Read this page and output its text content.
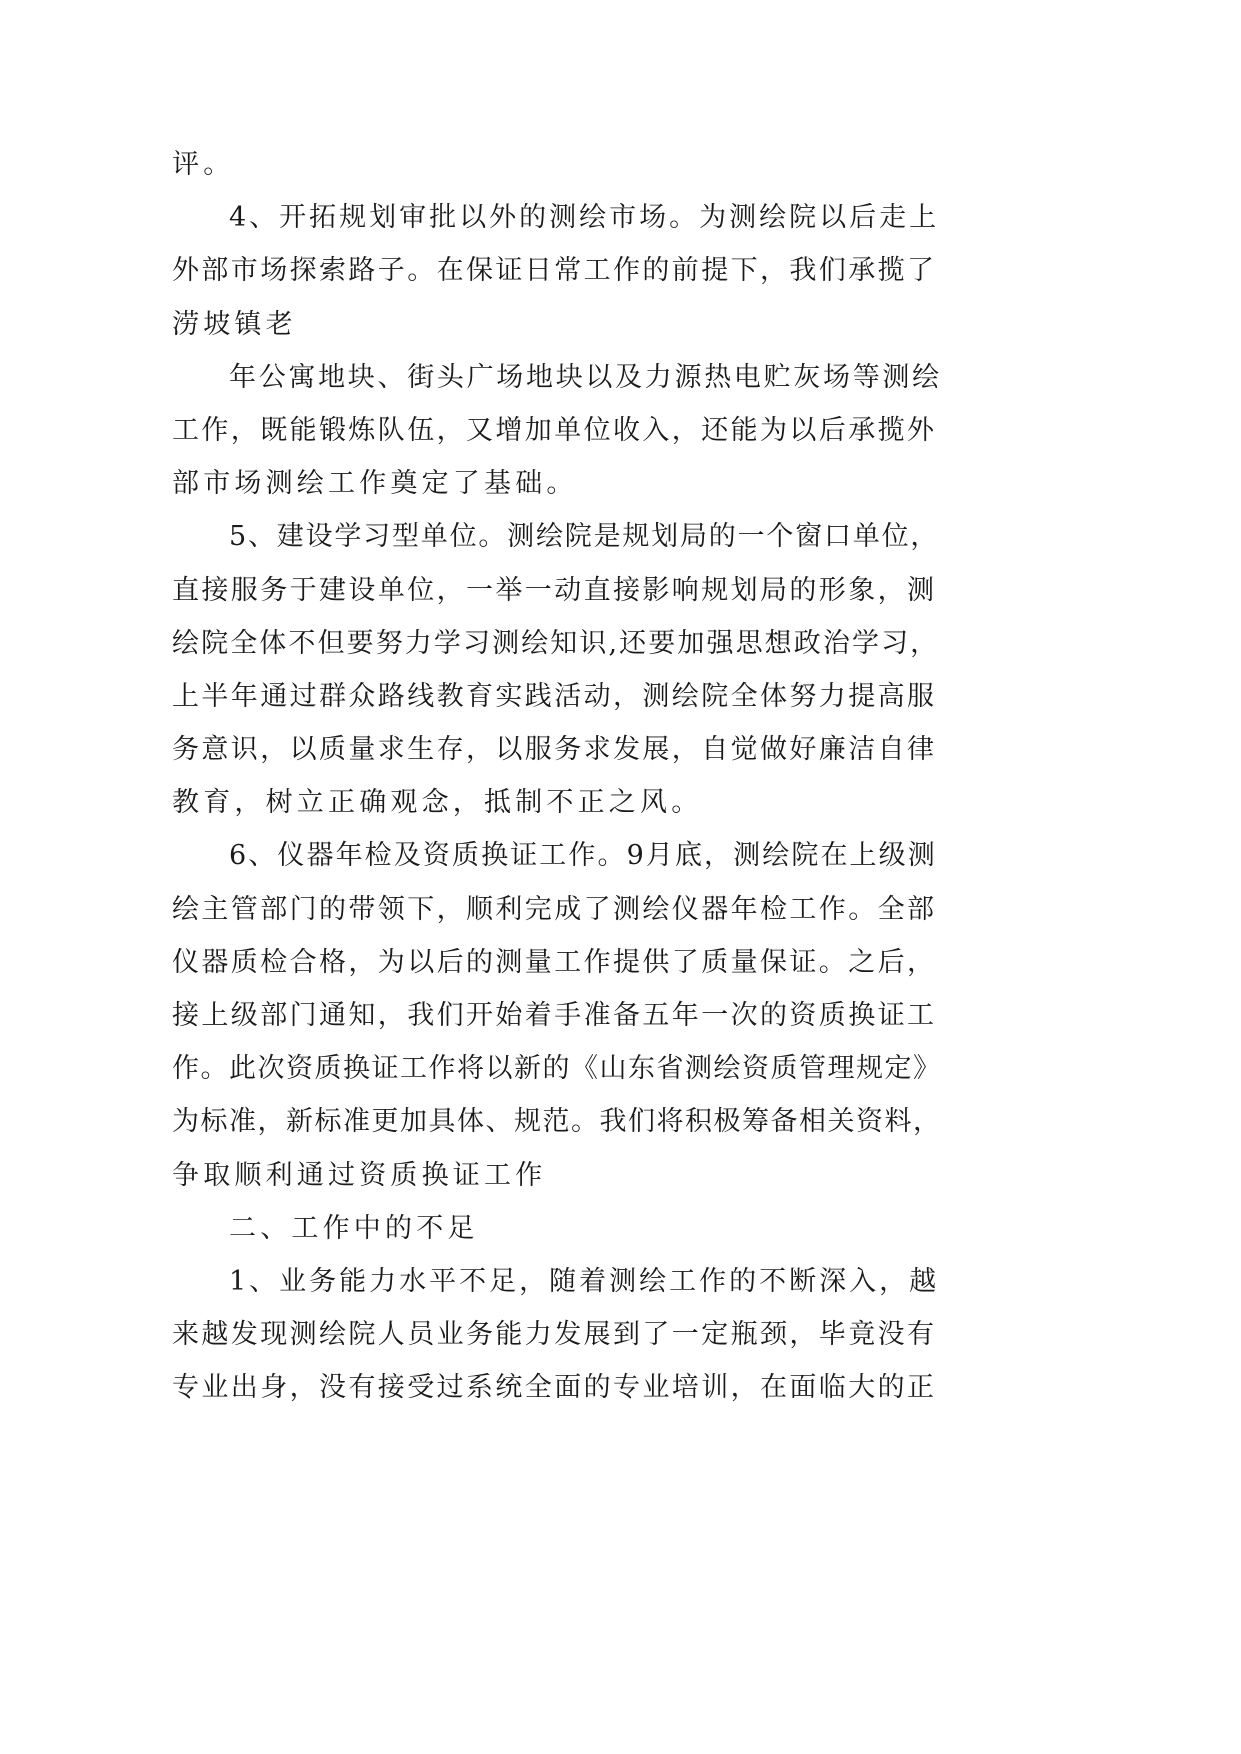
评。
4、开拓规划审批以外的测绘市场。为测绘院以后走上
外部市场探索路子。在保证日常工作的前提下，我们承揽了
涝坡镇老
年公寓地块、街头广场地块以及力源热电贮灰场等测绘
工作，既能锻炼队伍，又增加单位收入，还能为以后承揽外
部市场测绘工作奠定了基础。
5、建设学习型单位。测绘院是规划局的一个窗口单位，
直接服务于建设单位，一举一动直接影响规划局的形象，测
绘院全体不但要努力学习测绘知识,还要加强思想政治学习，
上半年通过群众路线教育实践活动，测绘院全体努力提高服
务意识，以质量求生存，以服务求发展，自觉做好廉洁自律
教育，树立正确观念，抵制不正之风。
6、仪器年检及资质换证工作。9月底，测绘院在上级测
绘主管部门的带领下，顺利完成了测绘仪器年检工作。全部
仪器质检合格，为以后的测量工作提供了质量保证。之后，
接上级部门通知，我们开始着手准备五年一次的资质换证工
作。此次资质换证工作将以新的《山东省测绘资质管理规定》
为标准，新标准更加具体、规范。我们将积极筹备相关资料，
争取顺利通过资质换证工作
二、工作中的不足
1、业务能力水平不足，随着测绘工作的不断深入，越
来越发现测绘院人员业务能力发展到了一定瓶颈，毕竟没有
专业出身，没有接受过系统全面的专业培训，在面临大的正
